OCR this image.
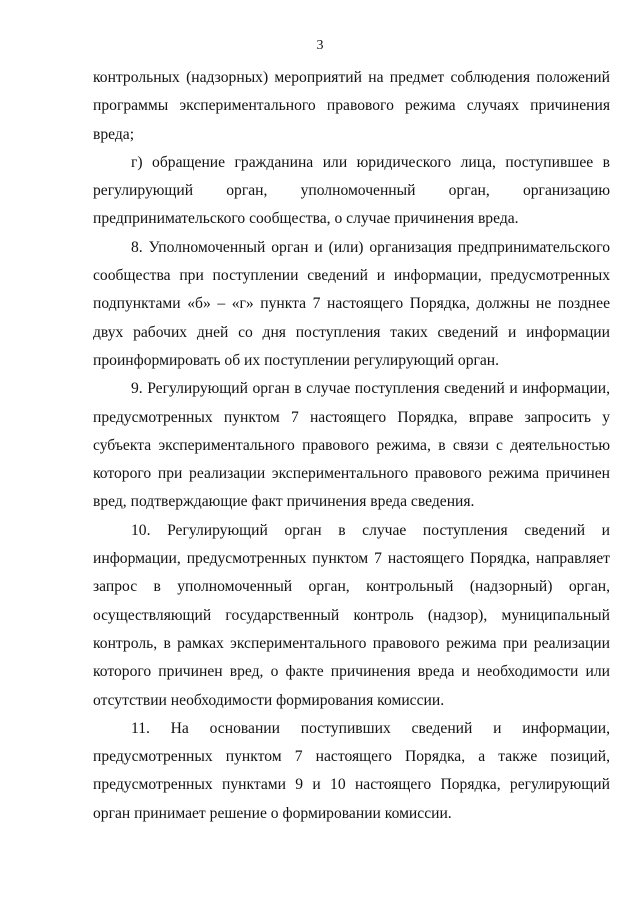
3

контрольных (надзорных) мероприятий на предмет соблюдения положений программы экспериментального правового режима случаях причинения вреда;

г) обращение гражданина или юридического лица, поступившее в регулирующий орган, уполномоченный орган, организацию предпринимательского сообщества, о случае причинения вреда.

8. Уполномоченный орган и (или) организация предпринимательского сообщества при поступлении сведений и информации, предусмотренных подпунктами «б» – «г» пункта 7 настоящего Порядка, должны не позднее двух рабочих дней со дня поступления таких сведений и информации проинформировать об их поступлении регулирующий орган.

9. Регулирующий орган в случае поступления сведений и информации, предусмотренных пунктом 7 настоящего Порядка, вправе запросить у субъекта экспериментального правового режима, в связи с деятельностью которого при реализации экспериментального правового режима причинен вред, подтверждающие факт причинения вреда сведения.

10. Регулирующий орган в случае поступления сведений и информации, предусмотренных пунктом 7 настоящего Порядка, направляет запрос в уполномоченный орган, контрольный (надзорный) орган, осуществляющий государственный контроль (надзор), муниципальный контроль, в рамках экспериментального правового режима при реализации которого причинен вред, о факте причинения вреда и необходимости или отсутствии необходимости формирования комиссии.

11. На основании поступивших сведений и информации, предусмотренных пунктом 7 настоящего Порядка, а также позиций, предусмотренных пунктами 9 и 10 настоящего Порядка, регулирующий орган принимает решение о формировании комиссии.
